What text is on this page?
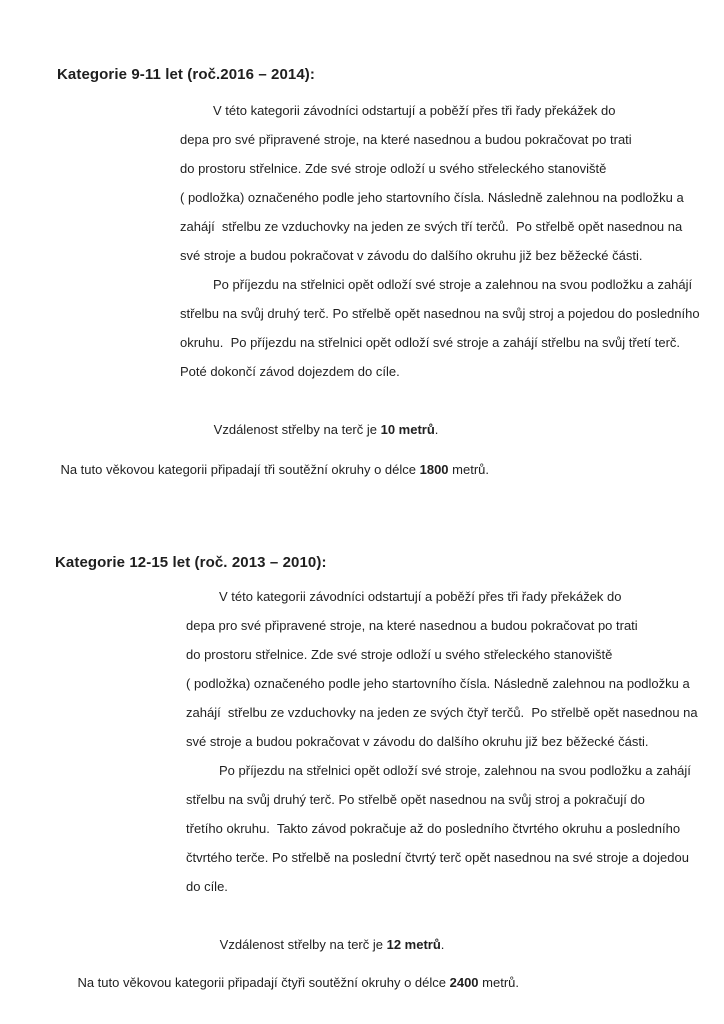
Kategorie 9-11 let (roč.2016 – 2014):
V této kategorii závodníci odstartují a poběží přes tři řady překážek do
depa pro své připravené stroje, na které nasednou a budou pokračovat po trati
do prostoru střelnice. Zde své stroje odloží u svého střeleckého stanoviště
( podložka) označeného podle jeho startovního čísla. Následně zalehnou na podložku a
zahájí  střelbu ze vzduchovky na jeden ze svých tří terčů.  Po střelbě opět nasednou na
své stroje a budou pokračovat v závodu do dalšího okruhu již bez běžecké části.
Po příjezdu na střelnici opět odloží své stroje a zalehnou na svou podložku a zahájí
střelbu na svůj druhý terč. Po střelbě opět nasednou na svůj stroj a pojedou do posledního
okruhu.  Po příjezdu na střelnici opět odloží své stroje a zahájí střelbu na svůj třetí terč.
Poté dokončí závod dojezdem do cíle.

Vzdálenost střelby na terč je 10 metrů.

Na tuto věkovou kategorii připadají tři soutěžní okruhy o délce 1800 metrů.

Kategorie 12-15 let (roč. 2013 – 2010):
V této kategorii závodníci odstartují a poběží přes tři řady překážek do
depa pro své připravené stroje, na které nasednou a budou pokračovat po trati
do prostoru střelnice. Zde své stroje odloží u svého střeleckého stanoviště
( podložka) označeného podle jeho startovního čísla. Následně zalehnou na podložku a
zahájí  střelbu ze vzduchovky na jeden ze svých čtyř terčů.  Po střelbě opět nasednou na
své stroje a budou pokračovat v závodu do dalšího okruhu již bez běžecké části.
Po příjezdu na střelnici opět odloží své stroje, zalehnou na svou podložku a zahájí
střelbu na svůj druhý terč. Po střelbě opět nasednou na svůj stroj a pokračují do
třetího okruhu.  Takto závod pokračuje až do posledního čtvrtého okruhu a posledního
čtvrtého terče. Po střelbě na poslední čtvrtý terč opět nasednou na své stroje a dojedou
do cíle.

Vzdálenost střelby na terč je 12 metrů.

Na tuto věkovou kategorii připadají čtyři soutěžní okruhy o délce 2400 metrů.
